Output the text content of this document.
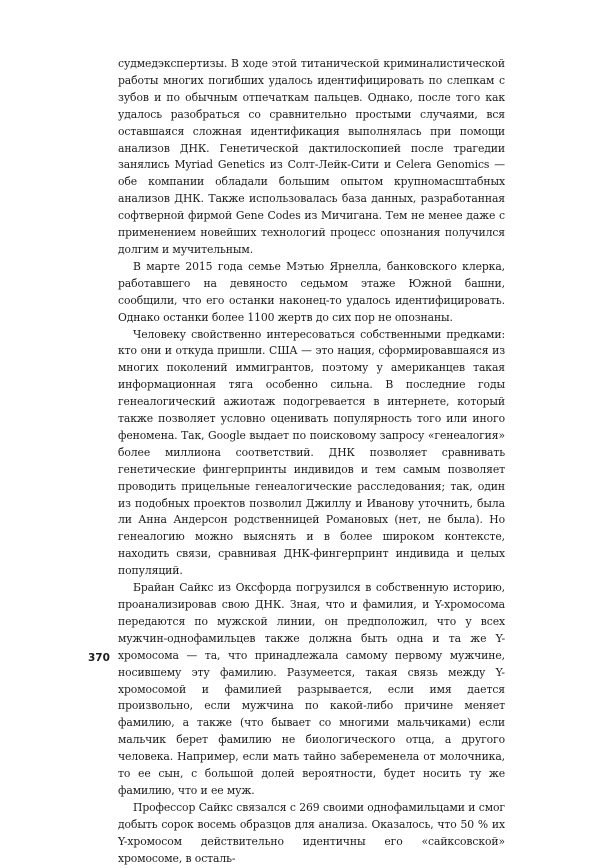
судмедэкспертизы. В ходе этой титанической криминалистической работы многих погибших удалось идентифицировать по слепкам с зубов и по обычным отпечаткам пальцев. Однако, после того как удалось разобраться со сравнительно простыми случаями, вся оставшаяся сложная идентификация выполнялась при помощи анализов ДНК. Генетической дактилоскопией после трагедии занялись Myriad Genetics из Солт-Лейк-Сити и Celera Genomics — обе компании обладали большим опытом крупномасштабных анализов ДНК. Также использовалась база данных, разработанная софтверной фирмой Gene Codes из Мичигана. Тем не менее даже с применением новейших технологий процесс опознания получился долгим и мучительным.

В марте 2015 года семье Мэтью Ярнелла, банковского клерка, работавшего на девяносто седьмом этаже Южной башни, сообщили, что его останки наконец-то удалось идентифицировать. Однако останки более 1100 жертв до сих пор не опознаны.

Человеку свойственно интересоваться собственными предками: кто они и откуда пришли. США — это нация, сформировавшаяся из многих поколений иммигрантов, поэтому у американцев такая информационная тяга особенно сильна. В последние годы генеалогический ажиотаж подогревается в интернете, который также позволяет условно оценивать популярность того или иного феномена. Так, Google выдает по поисковому запросу «генеалогия» более миллиона соответствий. ДНК позволяет сравнивать генетические фингерпринты индивидов и тем самым позволяет проводить прицельные генеалогические расследования; так, один из подобных проектов позволил Джиллу и Иванову уточнить, была ли Анна Андерсон родственницей Романовых (нет, не была). Но генеалогию можно выяснять и в более широком контексте, находить связи, сравнивая ДНК-фингерпринт индивида и целых популяций.

Брайан Сайкс из Оксфорда погрузился в собственную историю, проанализировав свою ДНК. Зная, что и фамилия, и Y-хромосома передаются по мужской линии, он предположил, что у всех мужчин-однофамильцев также должна быть одна и та же Y-хромосома — та, что принадлежала самому первому мужчине, носившему эту фамилию. Разумеется, такая связь между Y-хромосомой и фамилией разрывается, если имя дается произвольно, если мужчина по какой-либо причине меняет фамилию, а также (что бывает со многими мальчиками) если мальчик берет фамилию не биологического отца, а другого человека. Например, если мать тайно забеременела от молочника, то ее сын, с большой долей вероятности, будет носить ту же фамилию, что и ее муж.

Профессор Сайкс связался с 269 своими однофамильцами и смог добыть сорок восемь образцов для анализа. Оказалось, что 50 % их Y-хромосом действительно идентичны его «сайксовской» хромосоме, в осталь-

370
